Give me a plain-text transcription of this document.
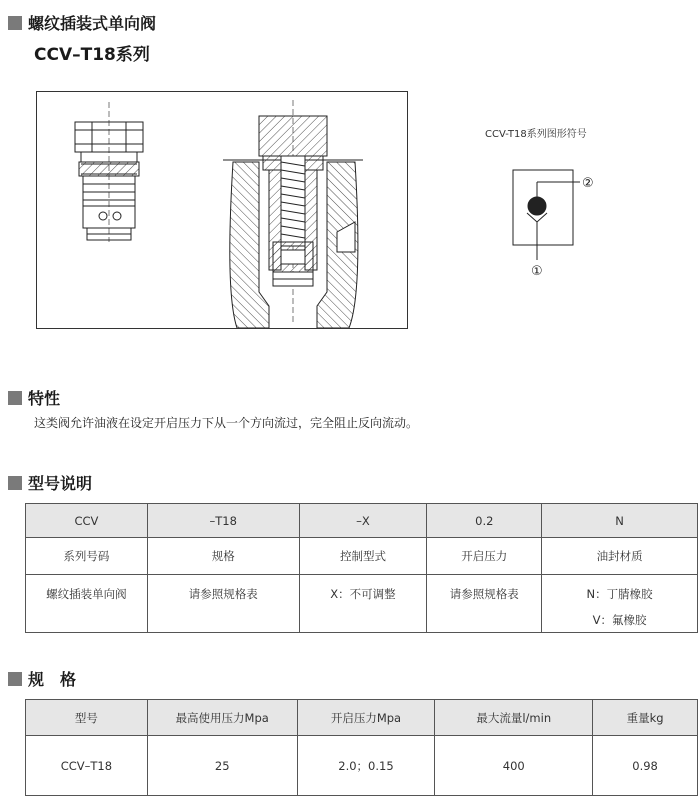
螺纹插装式单向阀
CCV–T18系列
CCV-T18系列图形符号
②
①
特性
这类阀允许油液在设定开启压力下从一个方向流过，完全阻止反向流动。
型号说明
CCV	–T18	–X	0.2	N
系列号码	规格	控制型式	开启压力	油封材质
螺纹插装单向阀	请参照规格表	X：不可调整	请参照规格表	N：丁腈橡胶
V：氟橡胶
规　格
型号	最高使用压力Mpa	开启压力Mpa	最大流量l/min	重量kg
CCV–T18	25	2.0；0.15	400	0.98
